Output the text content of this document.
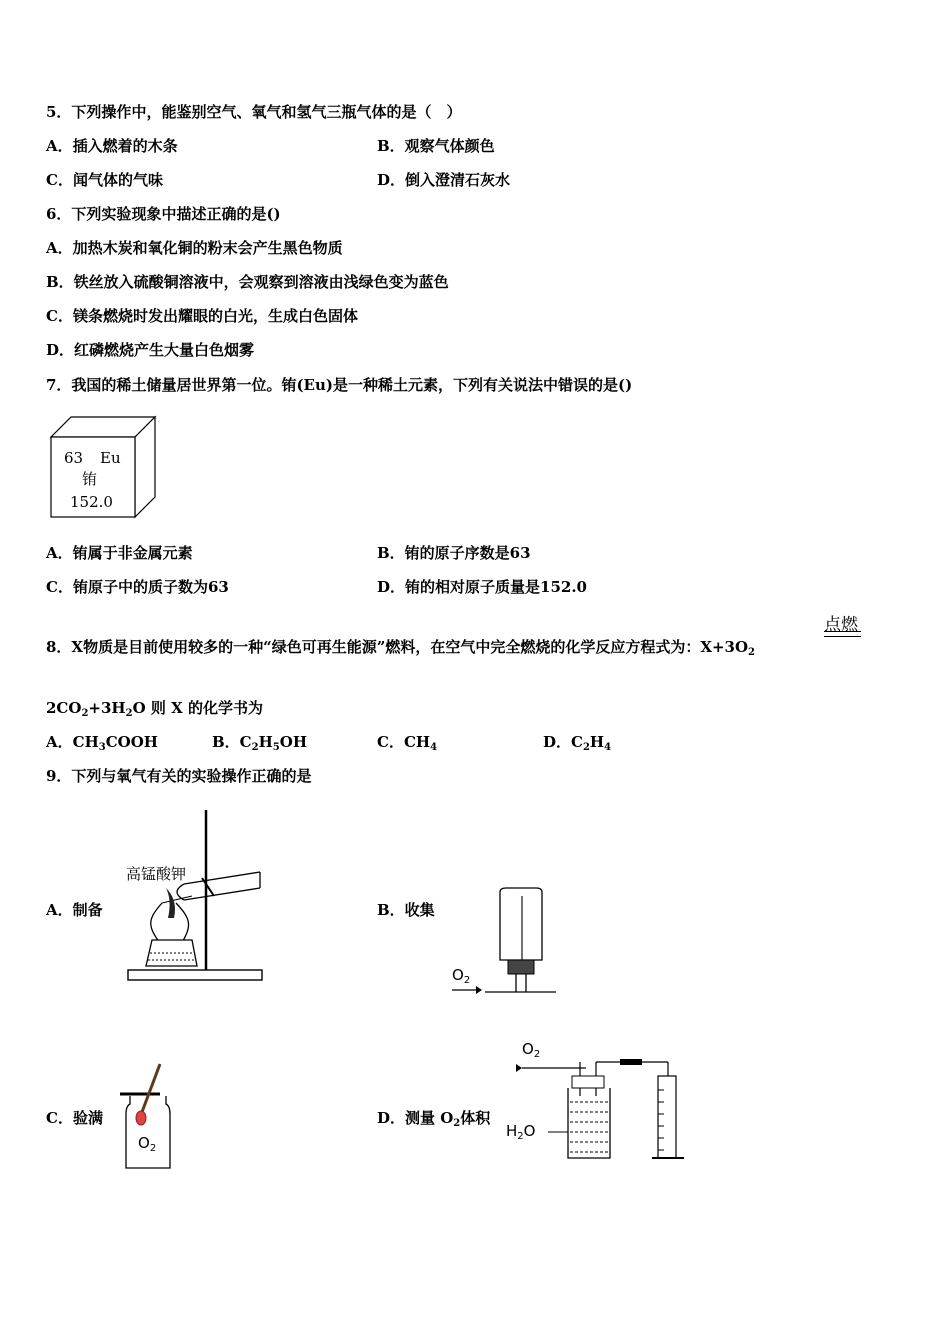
5．下列操作中，能鉴别空气、氧气和氢气三瓶气体的是（　）
A．插入燃着的木条	B．观察气体颜色
C．闻气体的气味	D．倒入澄清石灰水
6．下列实验现象中描述正确的是()
A．加热木炭和氧化铜的粉末会产生黑色物质
B．铁丝放入硫酸铜溶液中，会观察到溶液由浅绿色变为蓝色
C．镁条燃烧时发出耀眼的白光，生成白色固体
D．红磷燃烧产生大量白色烟雾
7．我国的稀土储量居世界第一位。铕(Eu)是一种稀土元素，下列有关说法中错误的是()
63 Eu
铕
152.0
A．铕属于非金属元素	B．铕的原子序数是63
C．铕原子中的质子数为63	D．铕的相对原子质量是152.0
点燃
8．X物质是目前使用较多的一种“绿色可再生能源”燃料，在空气中完全燃烧的化学反应方程式为：$X+3O_2$
$2CO_2+3H_2O$ 则 X 的化学书为
A．$CH_3COOH$	B．$C_2H_5OH$	C．$CH_4$	D．$C_2H_4$
9．下列与氧气有关的实验操作正确的是
A．制备
高锰酸钾
B．收集
$O_2$
C．验满
$O_2$
D．测量 $O_2$体积
$O_2$
$H_2O$
